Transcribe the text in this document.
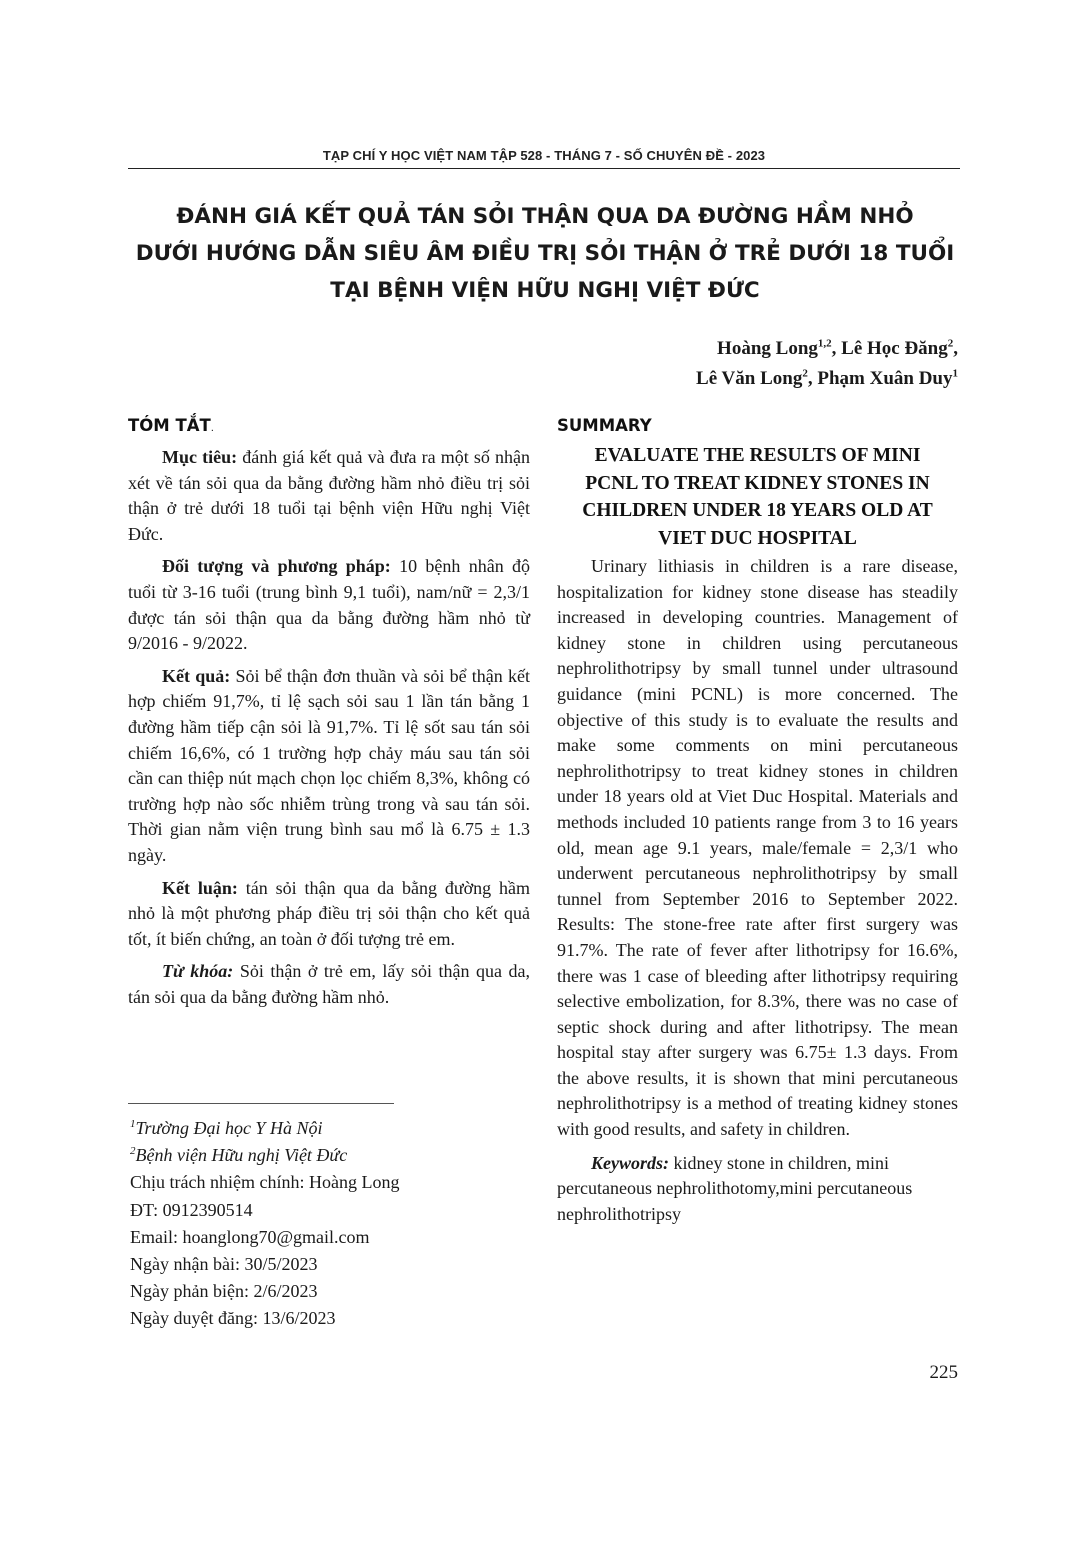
TẠP CHÍ Y HỌC VIỆT NAM TẬP 528 - THÁNG 7 - SỐ CHUYÊN ĐỀ - 2023
ĐÁNH GIÁ KẾT QUẢ TÁN SỎI THẬN QUA DA ĐƯỜNG HẦM NHỎ
DƯỚI HƯỚNG DẪN SIÊU ÂM ĐIỀU TRỊ SỎI THẬN Ở TRẺ DƯỚI 18 TUỔI
TẠI BỆNH VIỆN HỮU NGHỊ VIỆT ĐỨC
Hoàng Long$^{1,2}$, Lê Học Đăng$^2$,
Lê Văn Long$^2$, Phạm Xuân Duy$^1$
TÓM TẮT.

Mục tiêu: đánh giá kết quả và đưa ra một số nhận xét về tán sỏi qua da bằng đường hầm nhỏ điều trị sỏi thận ở trẻ dưới 18 tuổi tại bệnh viện Hữu nghị Việt Đức.

Đối tượng và phương pháp: 10 bệnh nhân độ tuổi từ 3-16 tuổi (trung bình 9,1 tuổi), nam/nữ = 2,3/1 được tán sỏi thận qua da bằng đường hầm nhỏ từ 9/2016 - 9/2022.

Kết quả: Sỏi bể thận đơn thuần và sỏi bể thận kết hợp chiếm 91,7%, tỉ lệ sạch sỏi sau 1 lần tán bằng 1 đường hầm tiếp cận sỏi là 91,7%. Tỉ lệ sốt sau tán sỏi chiếm 16,6%, có 1 trường hợp chảy máu sau tán sỏi cần can thiệp nút mạch chọn lọc chiếm 8,3%, không có trường hợp nào sốc nhiễm trùng trong và sau tán sỏi. Thời gian nằm viện trung bình sau mổ là 6.75 ± 1.3 ngày.

Kết luận: tán sỏi thận qua da bằng đường hầm nhỏ là một phương pháp điều trị sỏi thận cho kết quả tốt, ít biến chứng, an toàn ở đối tượng trẻ em.

Từ khóa: Sỏi thận ở trẻ em, lấy sỏi thận qua da, tán sỏi qua da bằng đường hầm nhỏ.

$^1$Trường Đại học Y Hà Nội
$^2$Bệnh viện Hữu nghị Việt Đức
Chịu trách nhiệm chính: Hoàng Long
ĐT: 0912390514
Email: hoanglong70@gmail.com
Ngày nhận bài: 30/5/2023
Ngày phản biện: 2/6/2023
Ngày duyệt đăng: 13/6/2023
SUMMARY
EVALUATE THE RESULTS OF MINI
PCNL TO TREAT KIDNEY STONES IN
CHILDREN UNDER 18 YEARS OLD AT
VIET DUC HOSPITAL

Urinary lithiasis in children is a rare disease, hospitalization for kidney stone disease has steadily increased in developing countries. Management of kidney stone in children using percutaneous nephrolithotripsy by small tunnel under ultrasound guidance (mini PCNL) is more concerned. The objective of this study is to evaluate the results and make some comments on mini percutaneous nephrolithotripsy to treat kidney stones in children under 18 years old at Viet Duc Hospital. Materials and methods included 10 patients range from 3 to 16 years old, mean age 9.1 years, male/female = 2,3/1 who underwent percutaneous nephrolithotripsy by small tunnel from September 2016 to September 2022. Results: The stone-free rate after first surgery was 91.7%. The rate of fever after lithotripsy for 16.6%, there was 1 case of bleeding after lithotripsy requiring selective embolization, for 8.3%, there was no case of septic shock during and after lithotripsy. The mean hospital stay after surgery was 6.75± 1.3 days. From the above results, it is shown that mini percutaneous nephrolithotripsy is a method of treating kidney stones with good results, and safety in children.

Keywords: kidney stone in children, mini percutaneous nephrolithotomy,mini percutaneous nephrolithotripsy

225
